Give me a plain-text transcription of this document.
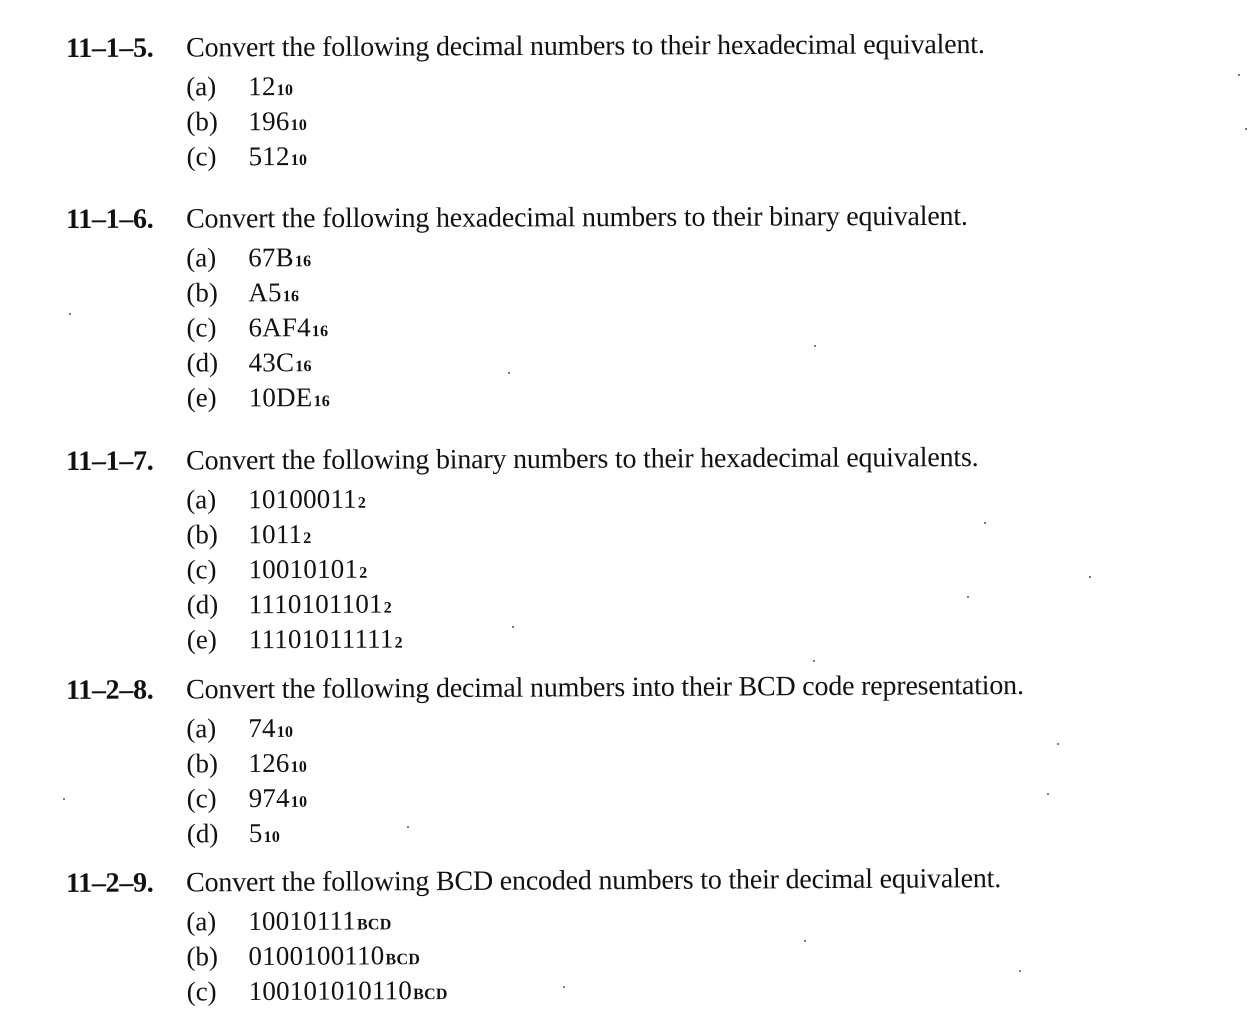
11–1–5.	Convert the following decimal numbers to their hexadecimal equivalent.
(a)	12 10
(b)	196 10
(c)	512 10
11–1–6.	Convert the following hexadecimal numbers to their binary equivalent.
(a)	67B 16
(b)	A5 16
(c)	6AF4 16
(d)	43C 16
(e)	10DE 16
11–1–7.	Convert the following binary numbers to their hexadecimal equivalents.
(a)	10100011 2
(b)	1011 2
(c)	10010101 2
(d)	1110101101 2
(e)	11101011111 2
11–2–8.	Convert the following decimal numbers into their BCD code representation.
(a)	74 10
(b)	126 10
(c)	974 10
(d)	5 10
11–2–9.	Convert the following BCD encoded numbers to their decimal equivalent.
(a)	10010111 BCD
(b)	0100100110 BCD
(c)	100101010110 BCD
